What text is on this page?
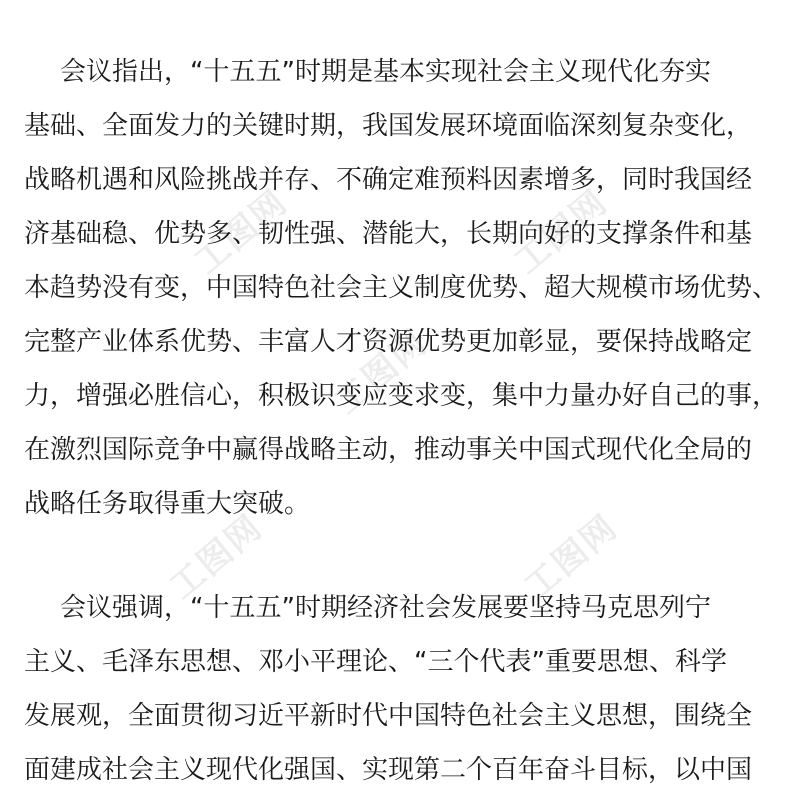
工图网	工图网
工图网
工图网	工图网
会议指出，“十五五”时期是基本实现社会主义现代化夯实
基础、全面发力的关键时期，我国发展环境面临深刻复杂变化，
战略机遇和风险挑战并存、不确定难预料因素增多，同时我国经
济基础稳、优势多、韧性强、潜能大，长期向好的支撑条件和基
本趋势没有变，中国特色社会主义制度优势、超大规模市场优势、
完整产业体系优势、丰富人才资源优势更加彰显，要保持战略定
力，增强必胜信心，积极识变应变求变，集中力量办好自己的事，
在激烈国际竞争中赢得战略主动，推动事关中国式现代化全局的
战略任务取得重大突破。
会议强调，“十五五”时期经济社会发展要坚持马克思列宁
主义、毛泽东思想、邓小平理论、“三个代表”重要思想、科学
发展观，全面贯彻习近平新时代中国特色社会主义思想，围绕全
面建成社会主义现代化强国、实现第二个百年奋斗目标，以中国
